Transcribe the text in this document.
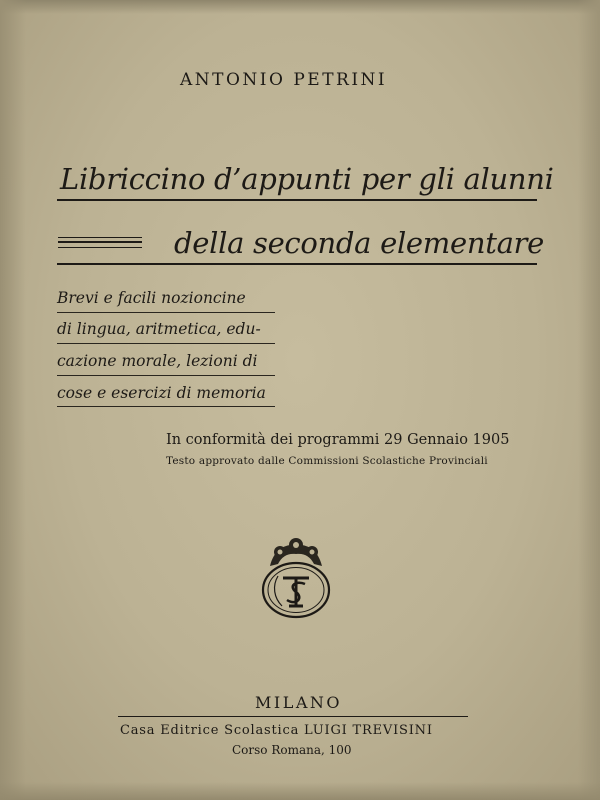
ANTONIO PETRINI
Libriccino d’appunti per gli alunni
della seconda elementare
Brevi e facili nozioncine
di lingua, aritmetica, edu-
cazione morale, lezioni di
cose e esercizi di memoria
In conformità dei programmi 29 Gennaio 1905
Testo approvato dalle Commissioni Scolastiche Provinciali
MILANO
Casa Editrice Scolastica LUIGI TREVISINI
Corso Romana, 100
